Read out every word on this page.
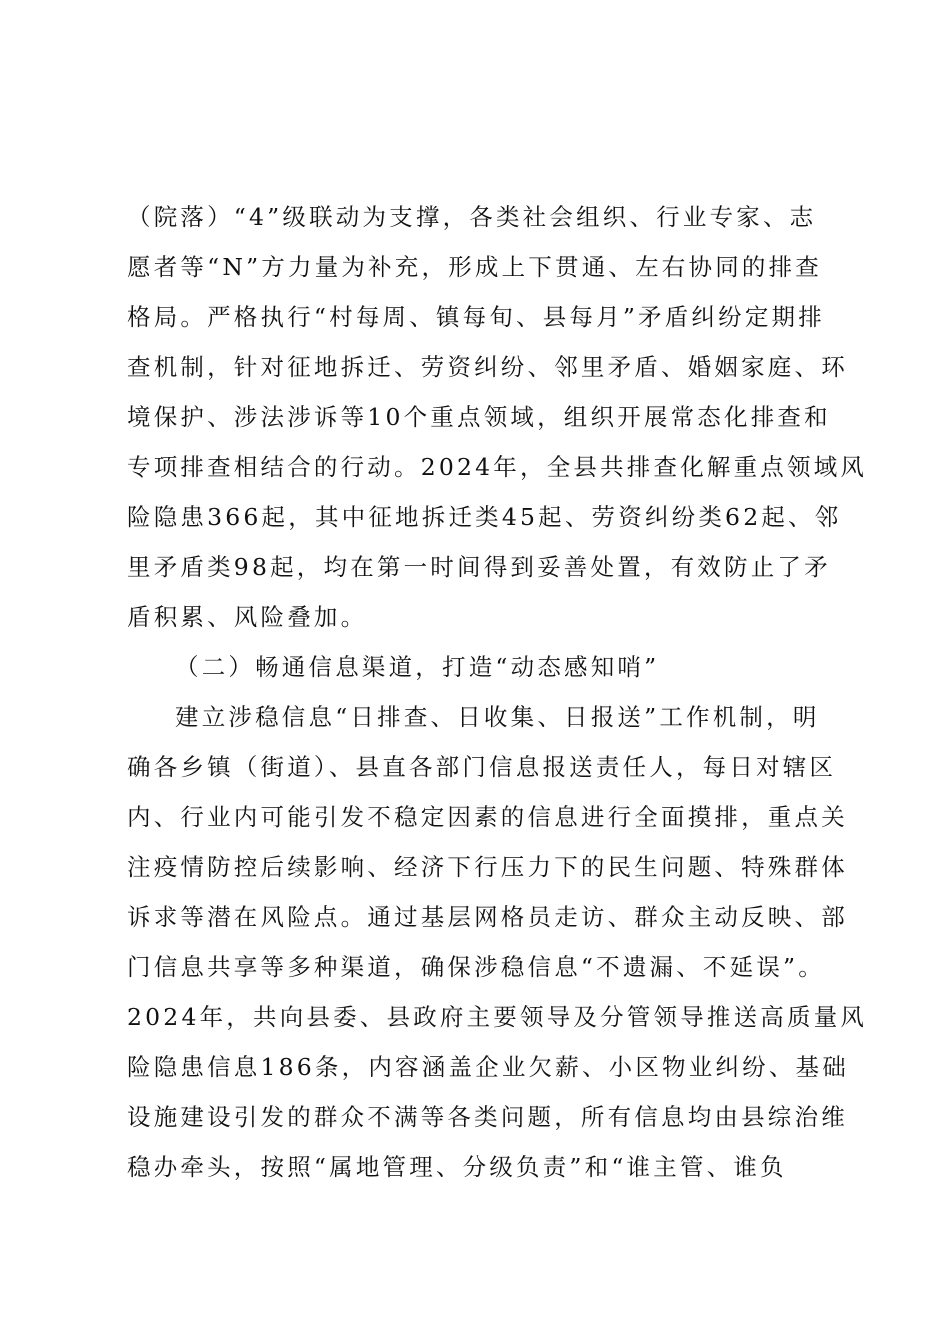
（院落）“4”级联动为支撑，各类社会组织、行业专家、志
愿者等“N”方力量为补充，形成上下贯通、左右协同的排查
格局。严格执行“村每周、镇每旬、县每月”矛盾纠纷定期排
查机制，针对征地拆迁、劳资纠纷、邻里矛盾、婚姻家庭、环
境保护、涉法涉诉等10个重点领域，组织开展常态化排查和
专项排查相结合的行动。2024年，全县共排查化解重点领域风
险隐患366起，其中征地拆迁类45起、劳资纠纷类62起、邻
里矛盾类98起，均在第一时间得到妥善处置，有效防止了矛
盾积累、风险叠加。
（二）畅通信息渠道，打造“动态感知哨”
建立涉稳信息“日排查、日收集、日报送”工作机制，明
确各乡镇（街道）、县直各部门信息报送责任人，每日对辖区
内、行业内可能引发不稳定因素的信息进行全面摸排，重点关
注疫情防控后续影响、经济下行压力下的民生问题、特殊群体
诉求等潜在风险点。通过基层网格员走访、群众主动反映、部
门信息共享等多种渠道，确保涉稳信息“不遗漏、不延误”。
2024年，共向县委、县政府主要领导及分管领导推送高质量风
险隐患信息186条，内容涵盖企业欠薪、小区物业纠纷、基础
设施建设引发的群众不满等各类问题，所有信息均由县综治维
稳办牵头，按照“属地管理、分级负责”和“谁主管、谁负
